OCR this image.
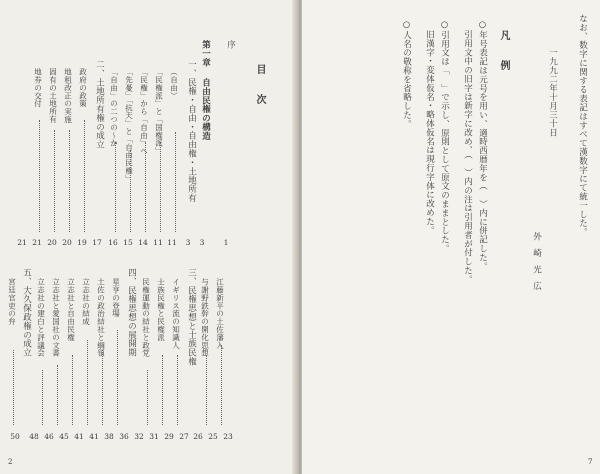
目　次
序
第一章
自由民権の構造
一、民権・自由・自由権・土地所有
（自由）
「民権派」と「国権派」
「民権」から「自由」へ
「先憂」「抗天」と「自由民権」
「自由」の二つの〜か
二、土地所有権の成立
政府の政策
地租改正の実施
固有の土地所有
地券の交付
1
3
3
11
11
14
15
16
17
19
20
20
21
21
三、民権思想と士族民権	江藤新平の土佐藩入
与謝野鉄幹の開化思想
イギリス流の知識人
士族民権と民権派
民権運動の結社と政党
四、民権思想の展開期
星亨の登場
土佐の政治結社と綱領
立志社の結成
立志社と自由民権
立志社と愛国社の文書
立志社の建白と評議会
五、大久保政権の成立
宮廷官吏の弁
23
25
26
27
29
31
32
36
38
41
41
45
46
48
50
2
なお、数字に関する表記はすべて漢数字にて統一した。
一九九二年十月三十日
外崎光広
凡　例
○年号表記は元号を用い、適時西暦年を（　）内に併記した。
引用文中の旧字は新字に改め、（　）内の注は引用者が付した。
○引用文は「　」で示し、原則として原文のままとした。
旧漢字・変体仮名・略体仮名は現行字体に改めた。
○人名の敬称を省略した。
7
